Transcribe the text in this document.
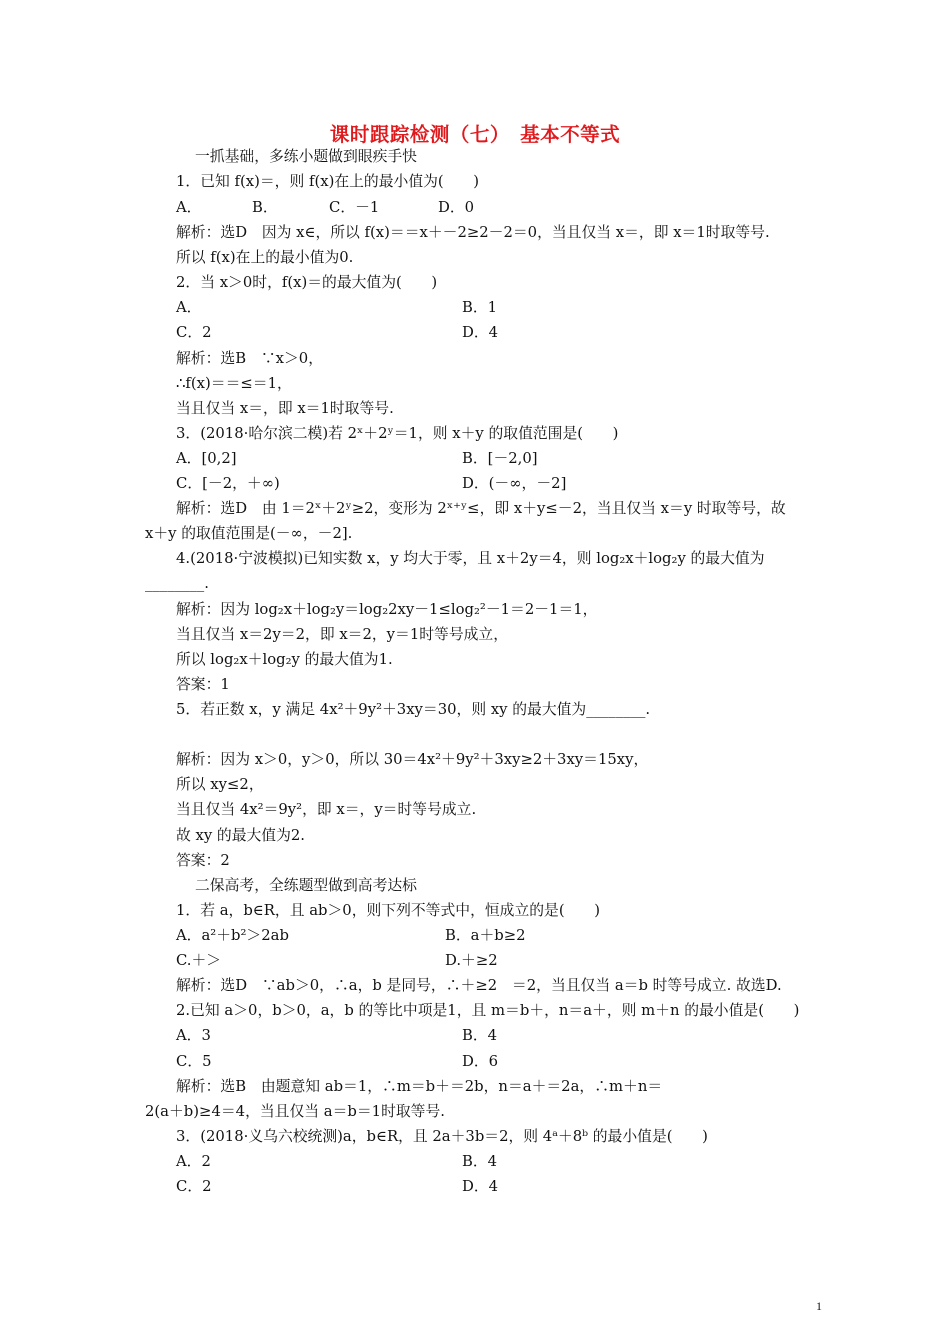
课时跟踪检测（七）　基本不等式
一抓基础，多练小题做到眼疾手快
1．已知 f(x)＝，则 f(x)在上的最小值为(　　)
A．	B．	C．－1	D．0
解析：选D　因为 x∈，所以 f(x)＝＝x＋－2≥2－2＝0，当且仅当 x＝，即 x＝1时取等号.
所以 f(x)在上的最小值为0.
2．当 x＞0时，f(x)＝的最大值为(　　)
A．	B．1
C．2	D．4
解析：选B　∵x＞0，
∴f(x)＝＝≤＝1，
当且仅当 x＝，即 x＝1时取等号.
3．(2018·哈尔滨二模)若 2ˣ＋2ʸ＝1，则 x＋y 的取值范围是(　　)
A．[0,2]	B．[－2,0]
C．[－2，＋∞)	D．(－∞，－2]
解析：选D　由 1＝2ˣ＋2ʸ≥2，变形为 2ˣ⁺ʸ≤，即 x＋y≤－2，当且仅当 x＝y 时取等号，故
x＋y 的取值范围是(－∞，－2].
4.(2018·宁波模拟)已知实数 x，y 均大于零，且 x＋2y＝4，则 log₂x＋log₂y 的最大值为
________.
解析：因为 log₂x＋log₂y＝log₂2xy－1≤log₂²－1＝2－1＝1，
当且仅当 x＝2y＝2，即 x＝2，y＝1时等号成立，
所以 log₂x＋log₂y 的最大值为1.
答案：1
5．若正数 x，y 满足 4x²＋9y²＋3xy＝30，则 xy 的最大值为________.
解析：因为 x＞0，y＞0，所以 30＝4x²＋9y²＋3xy≥2＋3xy＝15xy，
所以 xy≤2，
当且仅当 4x²＝9y²，即 x＝，y＝时等号成立.
故 xy 的最大值为2.
答案：2
二保高考，全练题型做到高考达标
1．若 a，b∈R，且 ab＞0，则下列不等式中，恒成立的是(　　)
A．a²＋b²＞2ab	B．a＋b≥2
C.＋＞	D.＋≥2
解析：选D　∵ab＞0，∴a，b 是同号，∴＋≥2　＝2，当且仅当 a＝b 时等号成立. 故选D.
2.已知 a＞0，b＞0，a，b 的等比中项是1，且 m＝b＋，n＝a＋，则 m＋n 的最小值是(　　)
A．3	B．4
C．5	D．6
解析：选B　由题意知 ab＝1，∴m＝b＋＝2b，n＝a＋＝2a，∴m＋n＝
2(a＋b)≥4＝4，当且仅当 a＝b＝1时取等号.
3．(2018·义乌六校统测)a，b∈R，且 2a＋3b＝2，则 4ᵃ＋8ᵇ 的最小值是(　　)
A．2	B．4
C．2	D．4
1
